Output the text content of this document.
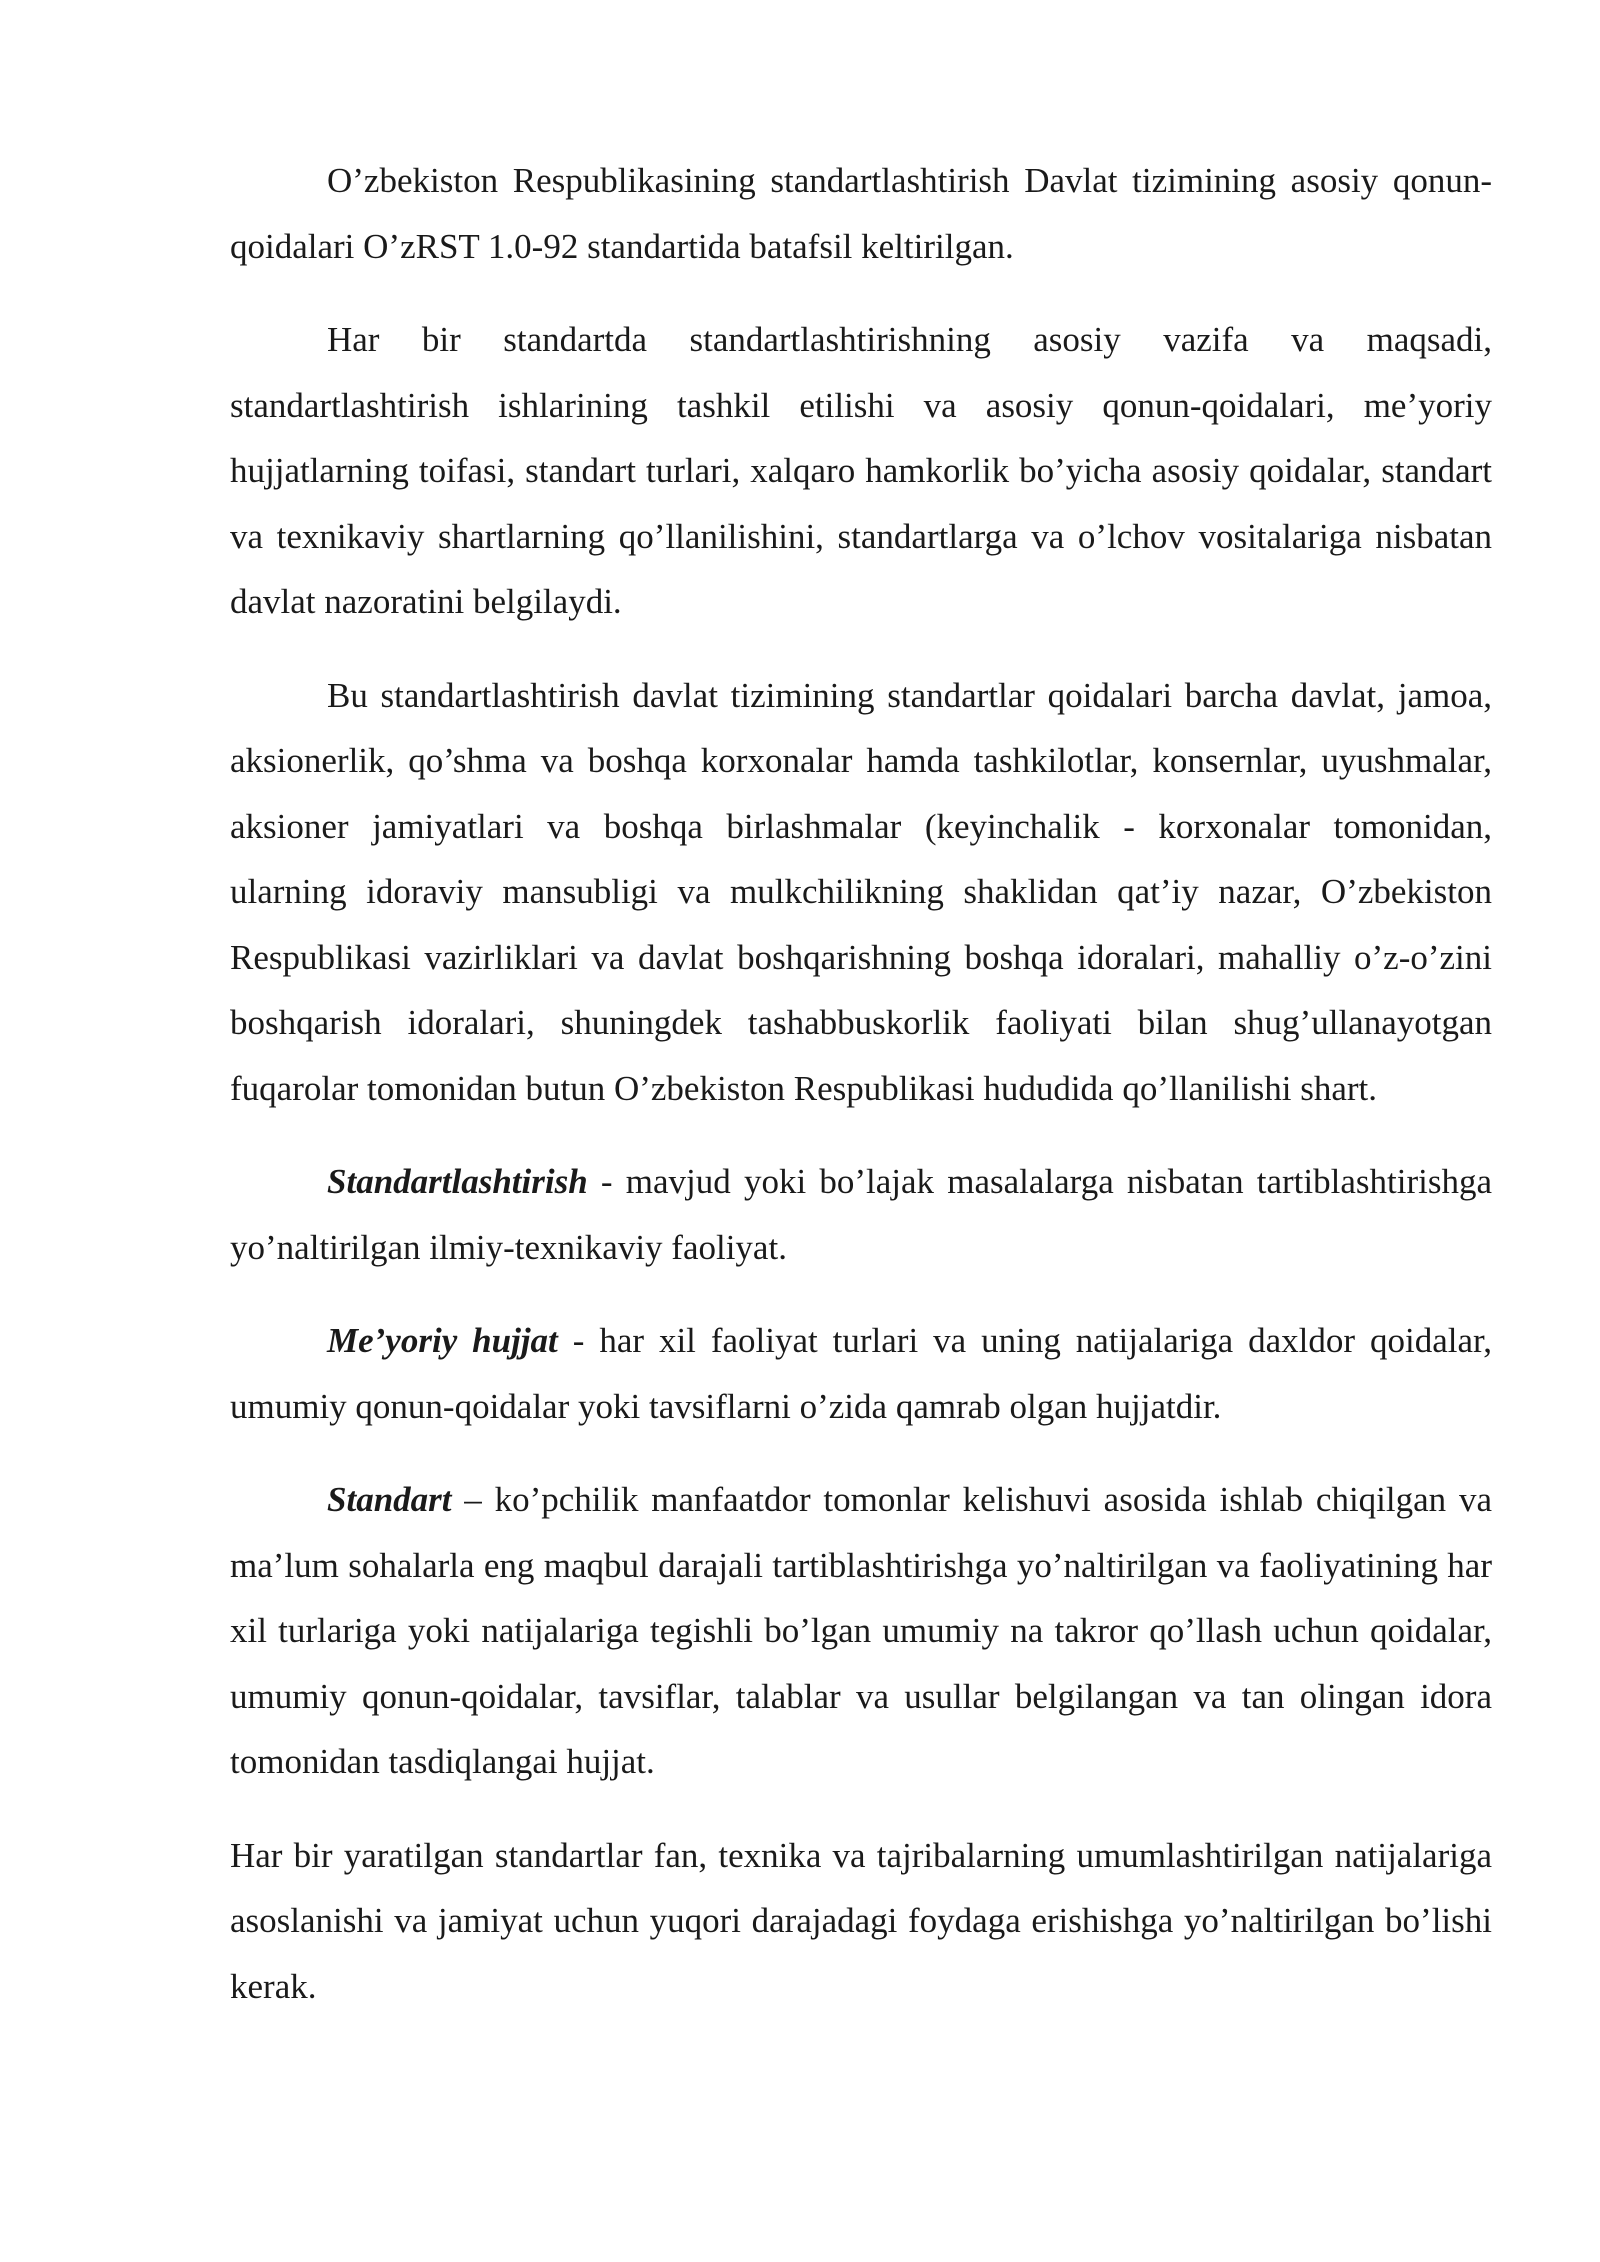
O’zbekiston Respublikasining standartlashtirish Davlat tizimining asosiy qonun-qoidalari O’zRST 1.0-92 standartida batafsil keltirilgan.

Har bir standartda standartlashtirishning asosiy vazifa va maqsadi, standartlashtirish ishlarining tashkil etilishi va asosiy qonun-qoidalari, me’yoriy hujjatlarning toifasi, standart turlari, xalqaro hamkorlik bo’yicha asosiy qoidalar, standart va texnikaviy shartlarning qo’llanilishini, standartlarga va o’lchov vositalariga nisbatan davlat nazoratini belgilaydi.

Bu standartlashtirish davlat tizimining standartlar qoidalari barcha davlat, jamoa, aksionerlik, qo’shma va boshqa korxonalar hamda tashkilotlar, konsernlar, uyushmalar, aksioner jamiyatlari va boshqa birlashmalar (keyinchalik - korxonalar tomonidan, ularning idoraviy mansubligi va mulkchilikning shaklidan qat’iy nazar, O’zbekiston Respublikasi vazirliklari va davlat boshqarishning boshqa idoralari, mahalliy o’z-o’zini boshqarish idoralari, shuningdek tashabbuskorlik faoliyati bilan shug’ullanayotgan fuqarolar tomonidan butun O’zbekiston Respublikasi hududida qo’llanilishi shart.

Standartlashtirish - mavjud yoki bo’lajak masalalarga nisbatan tartiblashtirishga yo’naltirilgan ilmiy-texnikaviy faoliyat.

Me’yoriy hujjat - har xil faoliyat turlari va uning natijalariga daxldor qoidalar, umumiy qonun-qoidalar yoki tavsiflarni o’zida qamrab olgan hujjatdir.

Standart – ko’pchilik manfaatdor tomonlar kelishuvi asosida ishlab chiqilgan va ma’lum sohalarla eng maqbul darajali tartiblashtirishga yo’naltirilgan va faoliyatining har xil turlariga yoki natijalariga tegishli bo’lgan umumiy na takror qo’llash uchun qoidalar, umumiy qonun-qoidalar, tavsiflar, talablar va usullar belgilangan va tan olingan idora tomonidan tasdiqlangai hujjat.

Har bir yaratilgan standartlar fan, texnika va tajribalarning umumlashtirilgan natijalariga asoslanishi va jamiyat uchun yuqori darajadagi foydaga erishishga yo’naltirilgan bo’lishi kerak.
